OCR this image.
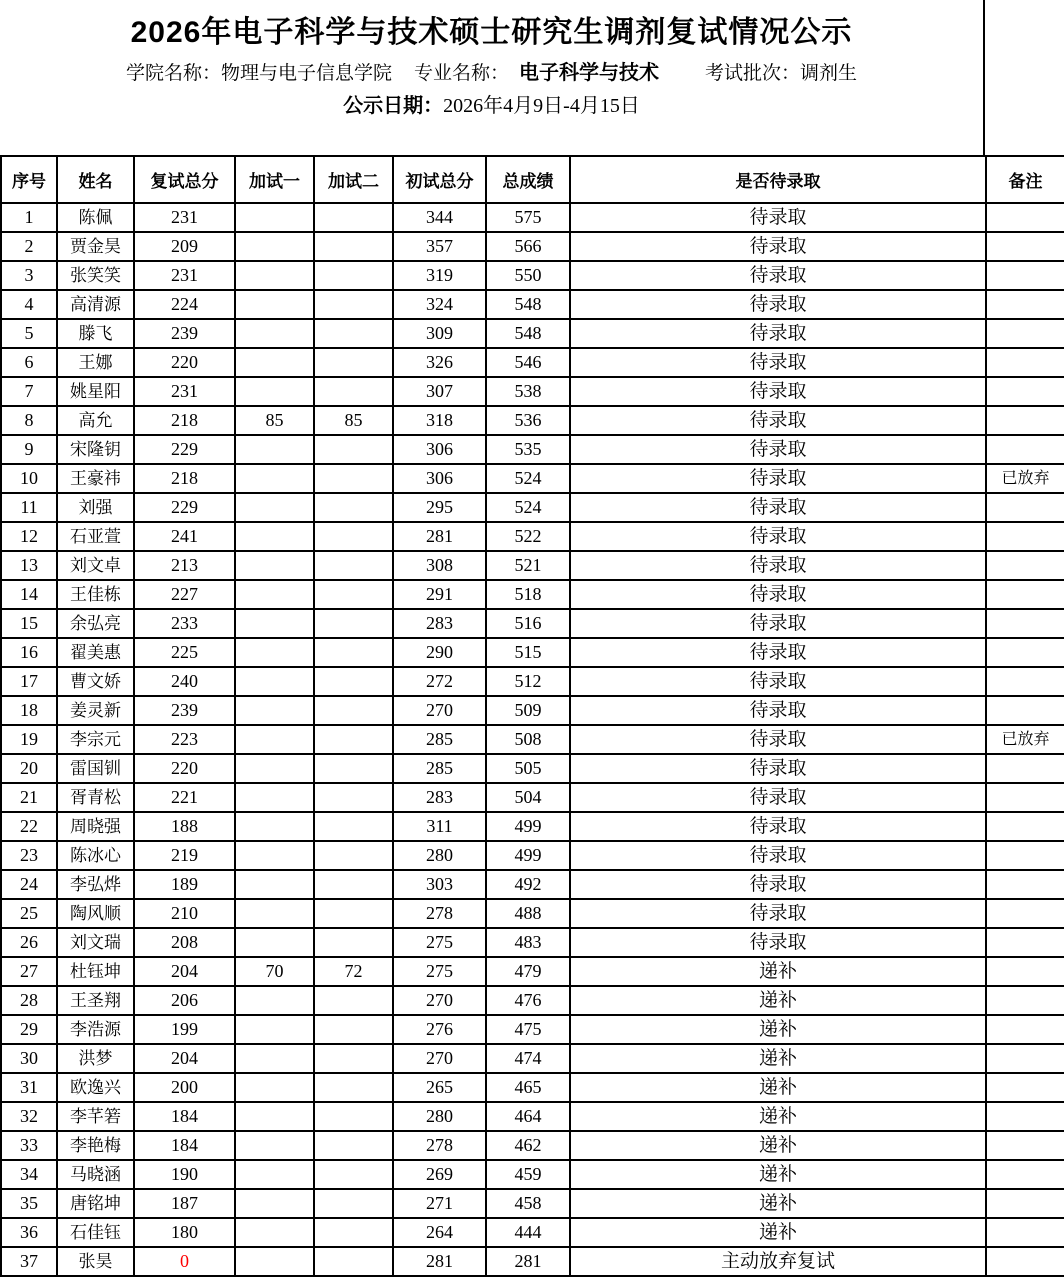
2026年电子科学与技术硕士研究生调剂复试情况公示
学院名称：物理与电子信息学院 专业名称： 电子科学与技术 考试批次：调剂生
公示日期：2026年4月9日-4月15日
序号	姓名	复试总分	加试一	加试二	初试总分	总成绩	是否待录取	备注
1	陈佩	231			344	575	待录取	
2	贾金昊	209			357	566	待录取	
3	张笑笑	231			319	550	待录取	
4	高清源	224			324	548	待录取	
5	滕飞	239			309	548	待录取	
6	王娜	220			326	546	待录取	
7	姚星阳	231			307	538	待录取	
8	高允	218	85	85	318	536	待录取	
9	宋隆钥	229			306	535	待录取	
10	王豪祎	218			306	524	待录取	已放弃
11	刘强	229			295	524	待录取	
12	石亚萱	241			281	522	待录取	
13	刘文卓	213			308	521	待录取	
14	王佳栋	227			291	518	待录取	
15	余弘亮	233			283	516	待录取	
16	翟美惠	225			290	515	待录取	
17	曹文娇	240			272	512	待录取	
18	姜灵新	239			270	509	待录取	
19	李宗元	223			285	508	待录取	已放弃
20	雷国钏	220			285	505	待录取	
21	胥青松	221			283	504	待录取	
22	周晓强	188			311	499	待录取	
23	陈冰心	219			280	499	待录取	
24	李弘烨	189			303	492	待录取	
25	陶风顺	210			278	488	待录取	
26	刘文瑞	208			275	483	待录取	
27	杜钰坤	204	70	72	275	479	递补	
28	王圣翔	206			270	476	递补	
29	李浩源	199			276	475	递补	
30	洪梦	204			270	474	递补	
31	欧逸兴	200			265	465	递补	
32	李芊箬	184			280	464	递补	
33	李艳梅	184			278	462	递补	
34	马晓涵	190			269	459	递补	
35	唐铭坤	187			271	458	递补	
36	石佳钰	180			264	444	递补	
37	张昊	0			281	281	主动放弃复试	
